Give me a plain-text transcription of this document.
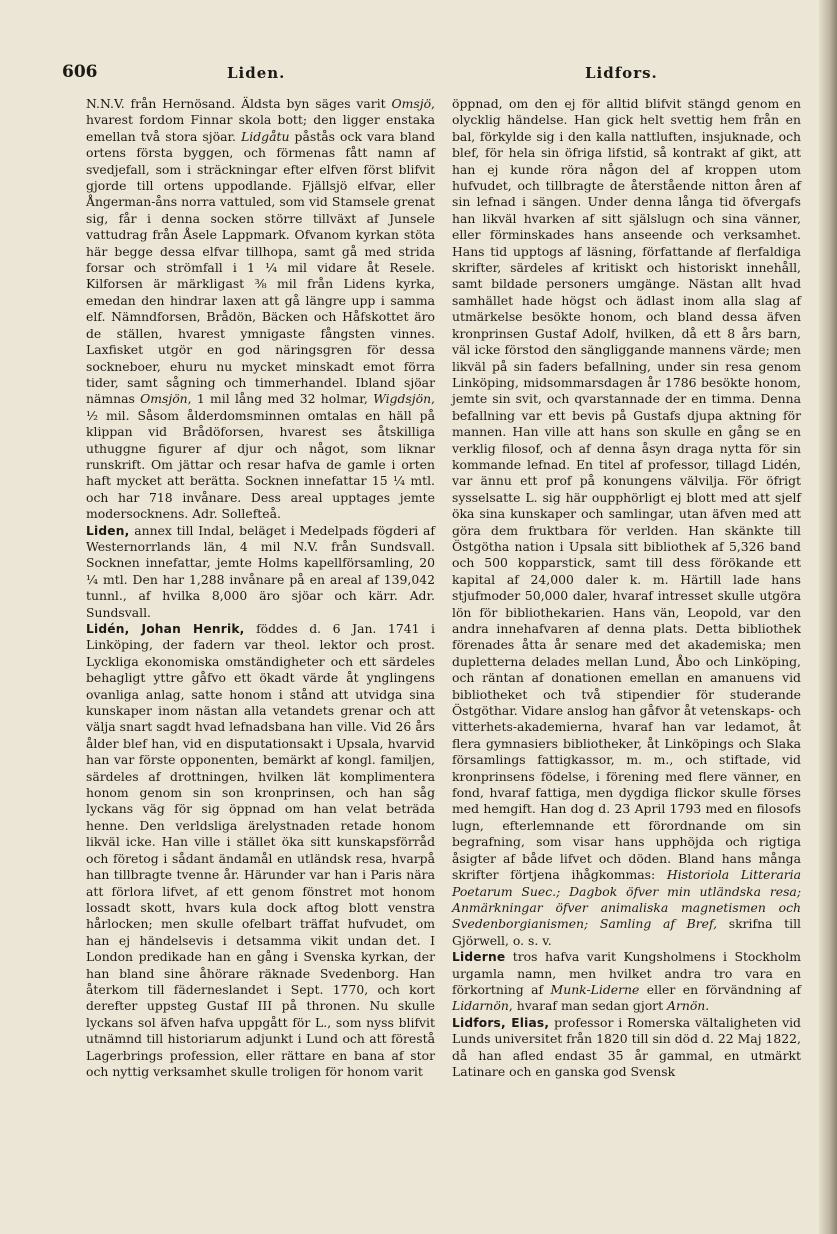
606	Liden.	Lidfors.

N.N.V. från Hernösand. Äldsta byn säges varit Omsjö, hvarest fordom Finnar skola bott; den ligger enstaka emellan två stora sjöar. Lidgåtu påstås ock vara bland ortens första byggen, och förmenas fått namn af svedjefall, som i sträckningar efter elfven först blifvit gjorde till ortens uppodlande. Fjällsjö elfvar, eller Ångerman-åns norra vattuled, som vid Stamsele grenat sig, får i denna socken större tillväxt af Junsele vattudrag från Åsele Lappmark. Ofvanom kyrkan stöta här begge dessa elfvar tillhopa, samt gå med strida forsar och strömfall i 1 ¼ mil vidare åt Resele. Kilforsen är märkligast ⅜ mil från Lidens kyrka, emedan den hindrar laxen att gå längre upp i samma elf. Nämndforsen, Brådön, Bäcken och Håfskottet äro de ställen, hvarest ymnigaste fångsten vinnes. Laxfisket utgör en god näringsgren för dessa sockneboer, ehuru nu mycket minskadt emot förra tider, samt sågning och timmerhandel. Ibland sjöar nämnas Omsjön, 1 mil lång med 32 holmar, Wigdsjön, ½ mil. Såsom ålderdomsminnen omtalas en häll på klippan vid Brådöforsen, hvarest ses åtskilliga uthuggne figurer af djur och något, som liknar runskrift. Om jättar och resar hafva de gamle i orten haft mycket att berätta. Socknen innefattar 15 ¼ mtl. och har 718 invånare. Dess areal upptages jemte modersocknens. Adr. Sollefteå.

Liden, annex till Indal, beläget i Medelpads fögderi af Westernorrlands län, 4 mil N.V. från Sundsvall. Socknen innefattar, jemte Holms kapellförsamling, 20 ¼ mtl. Den har 1,288 invånare på en areal af 139,042 tunnl., af hvilka 8,000 äro sjöar och kärr. Adr. Sundsvall.

Lidén, Johan Henrik, föddes d. 6 Jan. 1741 i Linköping, der fadern var theol. lektor och prost. Lyckliga ekonomiska omständigheter och ett särdeles behagligt yttre gåfvo ett ökadt värde åt ynglingens ovanliga anlag, satte honom i stånd att utvidga sina kunskaper inom nästan alla vetandets grenar och att välja snart sagdt hvad lefnadsbana han ville. Vid 26 års ålder blef han, vid en disputationsakt i Upsala, hvarvid han var förste opponenten, bemärkt af kongl. familjen, särdeles af drottningen, hvilken lät komplimentera honom genom sin son kronprinsen, och han såg lyckans väg för sig öppnad om han velat beträda henne. Den verldsliga ärelystnaden retade honom likväl icke. Han ville i stället öka sitt kunskapsförråd och företog i sådant ändamål en utländsk resa, hvarpå han tillbragte tvenne år. Härunder var han i Paris nära att förlora lifvet, af ett genom fönstret mot honom lossadt skott, hvars kula dock aftog blott venstra hårlocken; men skulle ofelbart träffat hufvudet, om han ej händelsevis i detsamma vikit undan det. I London predikade han en gång i Svenska kyrkan, der han bland sine åhörare räknade Svedenborg. Han återkom till fäderneslandet i Sept. 1770, och kort derefter uppsteg Gustaf III på thronen. Nu skulle lyckans sol äfven hafva uppgått för L., som nyss blifvit utnämnd till historiarum adjunkt i Lund och att förestå Lagerbrings profession, eller rättare en bana af stor och nyttig verksamhet skulle troligen för honom varit

öppnad, om den ej för alltid blifvit stängd genom en olycklig händelse. Han gick helt svettig hem från en bal, förkylde sig i den kalla nattluften, insjuknade, och blef, för hela sin öfriga lifstid, så kontrakt af gikt, att han ej kunde röra någon del af kroppen utom hufvudet, och tillbragte de återstående nitton åren af sin lefnad i sängen. Under denna långa tid öfvergafs han likväl hvarken af sitt själslugn och sina vänner, eller förminskades hans anseende och verksamhet. Hans tid upptogs af läsning, författande af flerfaldiga skrifter, särdeles af kritiskt och historiskt innehåll, samt bildade personers umgänge. Nästan allt hvad samhället hade högst och ädlast inom alla slag af utmärkelse besökte honom, och bland dessa äfven kronprinsen Gustaf Adolf, hvilken, då ett 8 års barn, väl icke förstod den sängliggande mannens värde; men likväl på sin faders befallning, under sin resa genom Linköping, midsommarsdagen år 1786 besökte honom, jemte sin svit, och qvarstannade der en timma. Denna befallning var ett bevis på Gustafs djupa aktning för mannen. Han ville att hans son skulle en gång se en verklig filosof, och af denna åsyn draga nytta för sin kommande lefnad. En titel af professor, tillagd Lidén, var ännu ett prof på konungens välvilja. För öfrigt sysselsatte L. sig här oupphörligt ej blott med att sjelf öka sina kunskaper och samlingar, utan äfven med att göra dem fruktbara för verlden. Han skänkte till Östgötha nation i Upsala sitt bibliothek af 5,326 band och 500 kopparstick, samt till dess förökande ett kapital af 24,000 daler k. m. Härtill lade hans stjufmoder 50,000 daler, hvaraf intresset skulle utgöra lön för bibliothekarien. Hans vän, Leopold, var den andra innehafvaren af denna plats. Detta bibliothek förenades åtta år senare med det akademiska; men dupletterna delades mellan Lund, Åbo och Linköping, och räntan af donationen emellan en amanuens vid bibliotheket och två stipendier för studerande Östgöthar. Vidare anslog han gåfvor åt vetenskaps- och vitterhets-akademierna, hvaraf han var ledamot, åt flera gymnasiers bibliotheker, åt Linköpings och Slaka församlings fattigkassor, m. m., och stiftade, vid kronprinsens födelse, i förening med flere vänner, en fond, hvaraf fattiga, men dygdiga flickor skulle förses med hemgift. Han dog d. 23 April 1793 med en filosofs lugn, efterlemnande ett förordnande om sin begrafning, som visar hans upphöjda och rigtiga åsigter af både lifvet och döden. Bland hans många skrifter förtjena ihågkommas: Historiola Litteraria Poetarum Suec.; Dagbok öfver min utländska resa; Anmärkningar öfver animaliska magnetismen och Svedenborgianismen; Samling af Bref, skrifna till Gjörwell, o. s. v.

Liderne tros hafva varit Kungsholmens i Stockholm urgamla namn, men hvilket andra tro vara en förkortning af Munk-Liderne eller en förvändning af Lidarnön, hvaraf man sedan gjort Arnön.

Lidfors, Elias, professor i Romerska vältaligheten vid Lunds universitet från 1820 till sin död d. 22 Maj 1822, då han afled endast 35 år gammal, en utmärkt Latinare och en ganska god Svensk
